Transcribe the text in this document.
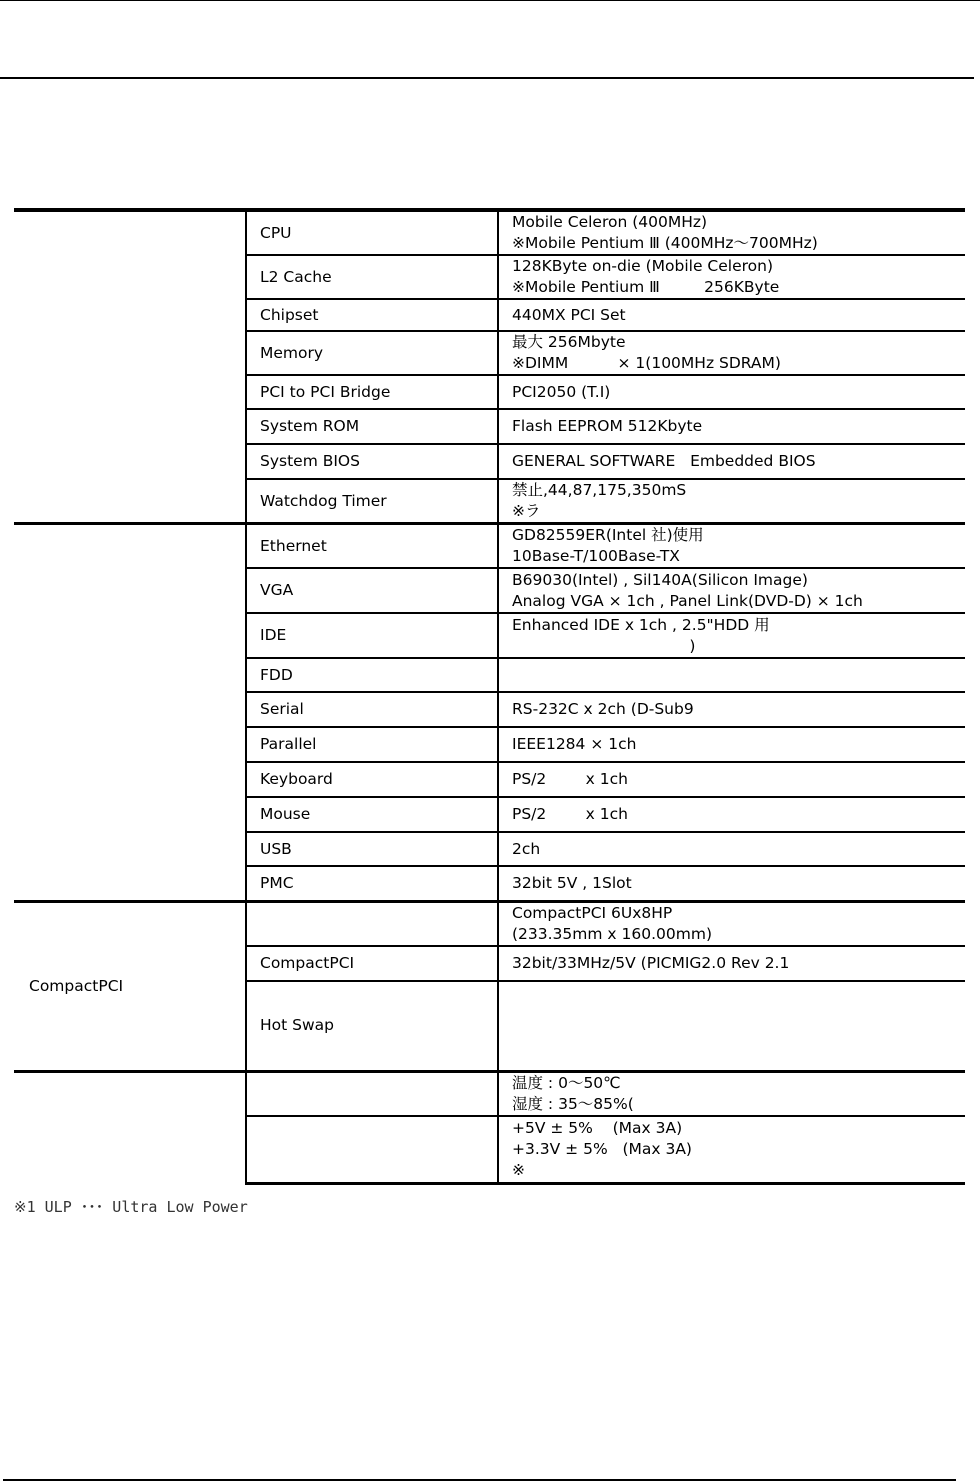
	CPU	Mobile Celeron (400MHz)
※Mobile Pentium Ⅲ (400MHz〜700MHz)

	L2 Cache	128KByte on-die (Mobile Celeron)
※Mobile Pentium Ⅲ         256KByte

	Chipset	440MX PCI Set

	Memory	最大 256Mbyte
※DIMM          × 1(100MHz SDRAM)

	PCI to PCI Bridge	PCI2050 (T.I)

	System ROM	Flash EEPROM 512Kbyte

	System BIOS	GENERAL SOFTWARE   Embedded BIOS

	Watchdog Timer	禁止,44,87,175,350mS
※ラ

	Ethernet	GD82559ER(Intel 社)使用
10Base-T/100Base-TX

	VGA	B69030(Intel) , Sil140A(Silicon Image)
Analog VGA × 1ch , Panel Link(DVD-D) × 1ch

	IDE	Enhanced IDE x 1ch , 2.5"HDD 用
)

	FDD	

	Serial	RS-232C x 2ch (D-Sub9

	Parallel	IEEE1284 × 1ch

	Keyboard	PS/2        x 1ch

	Mouse	PS/2        x 1ch

	USB	2ch

	PMC	32bit 5V , 1Slot

CompactPCI		CompactPCI 6Ux8HP
(233.35mm x 160.00mm)

	CompactPCI	32bit/33MHz/5V (PICMIG2.0 Rev 2.1

	Hot Swap	

		温度 : 0〜50℃
湿度 : 35〜85%(

		+5V ± 5%    (Max 3A)
+3.3V ± 5%   (Max 3A)
※
※1 ULP ･･･ Ultra Low Power
